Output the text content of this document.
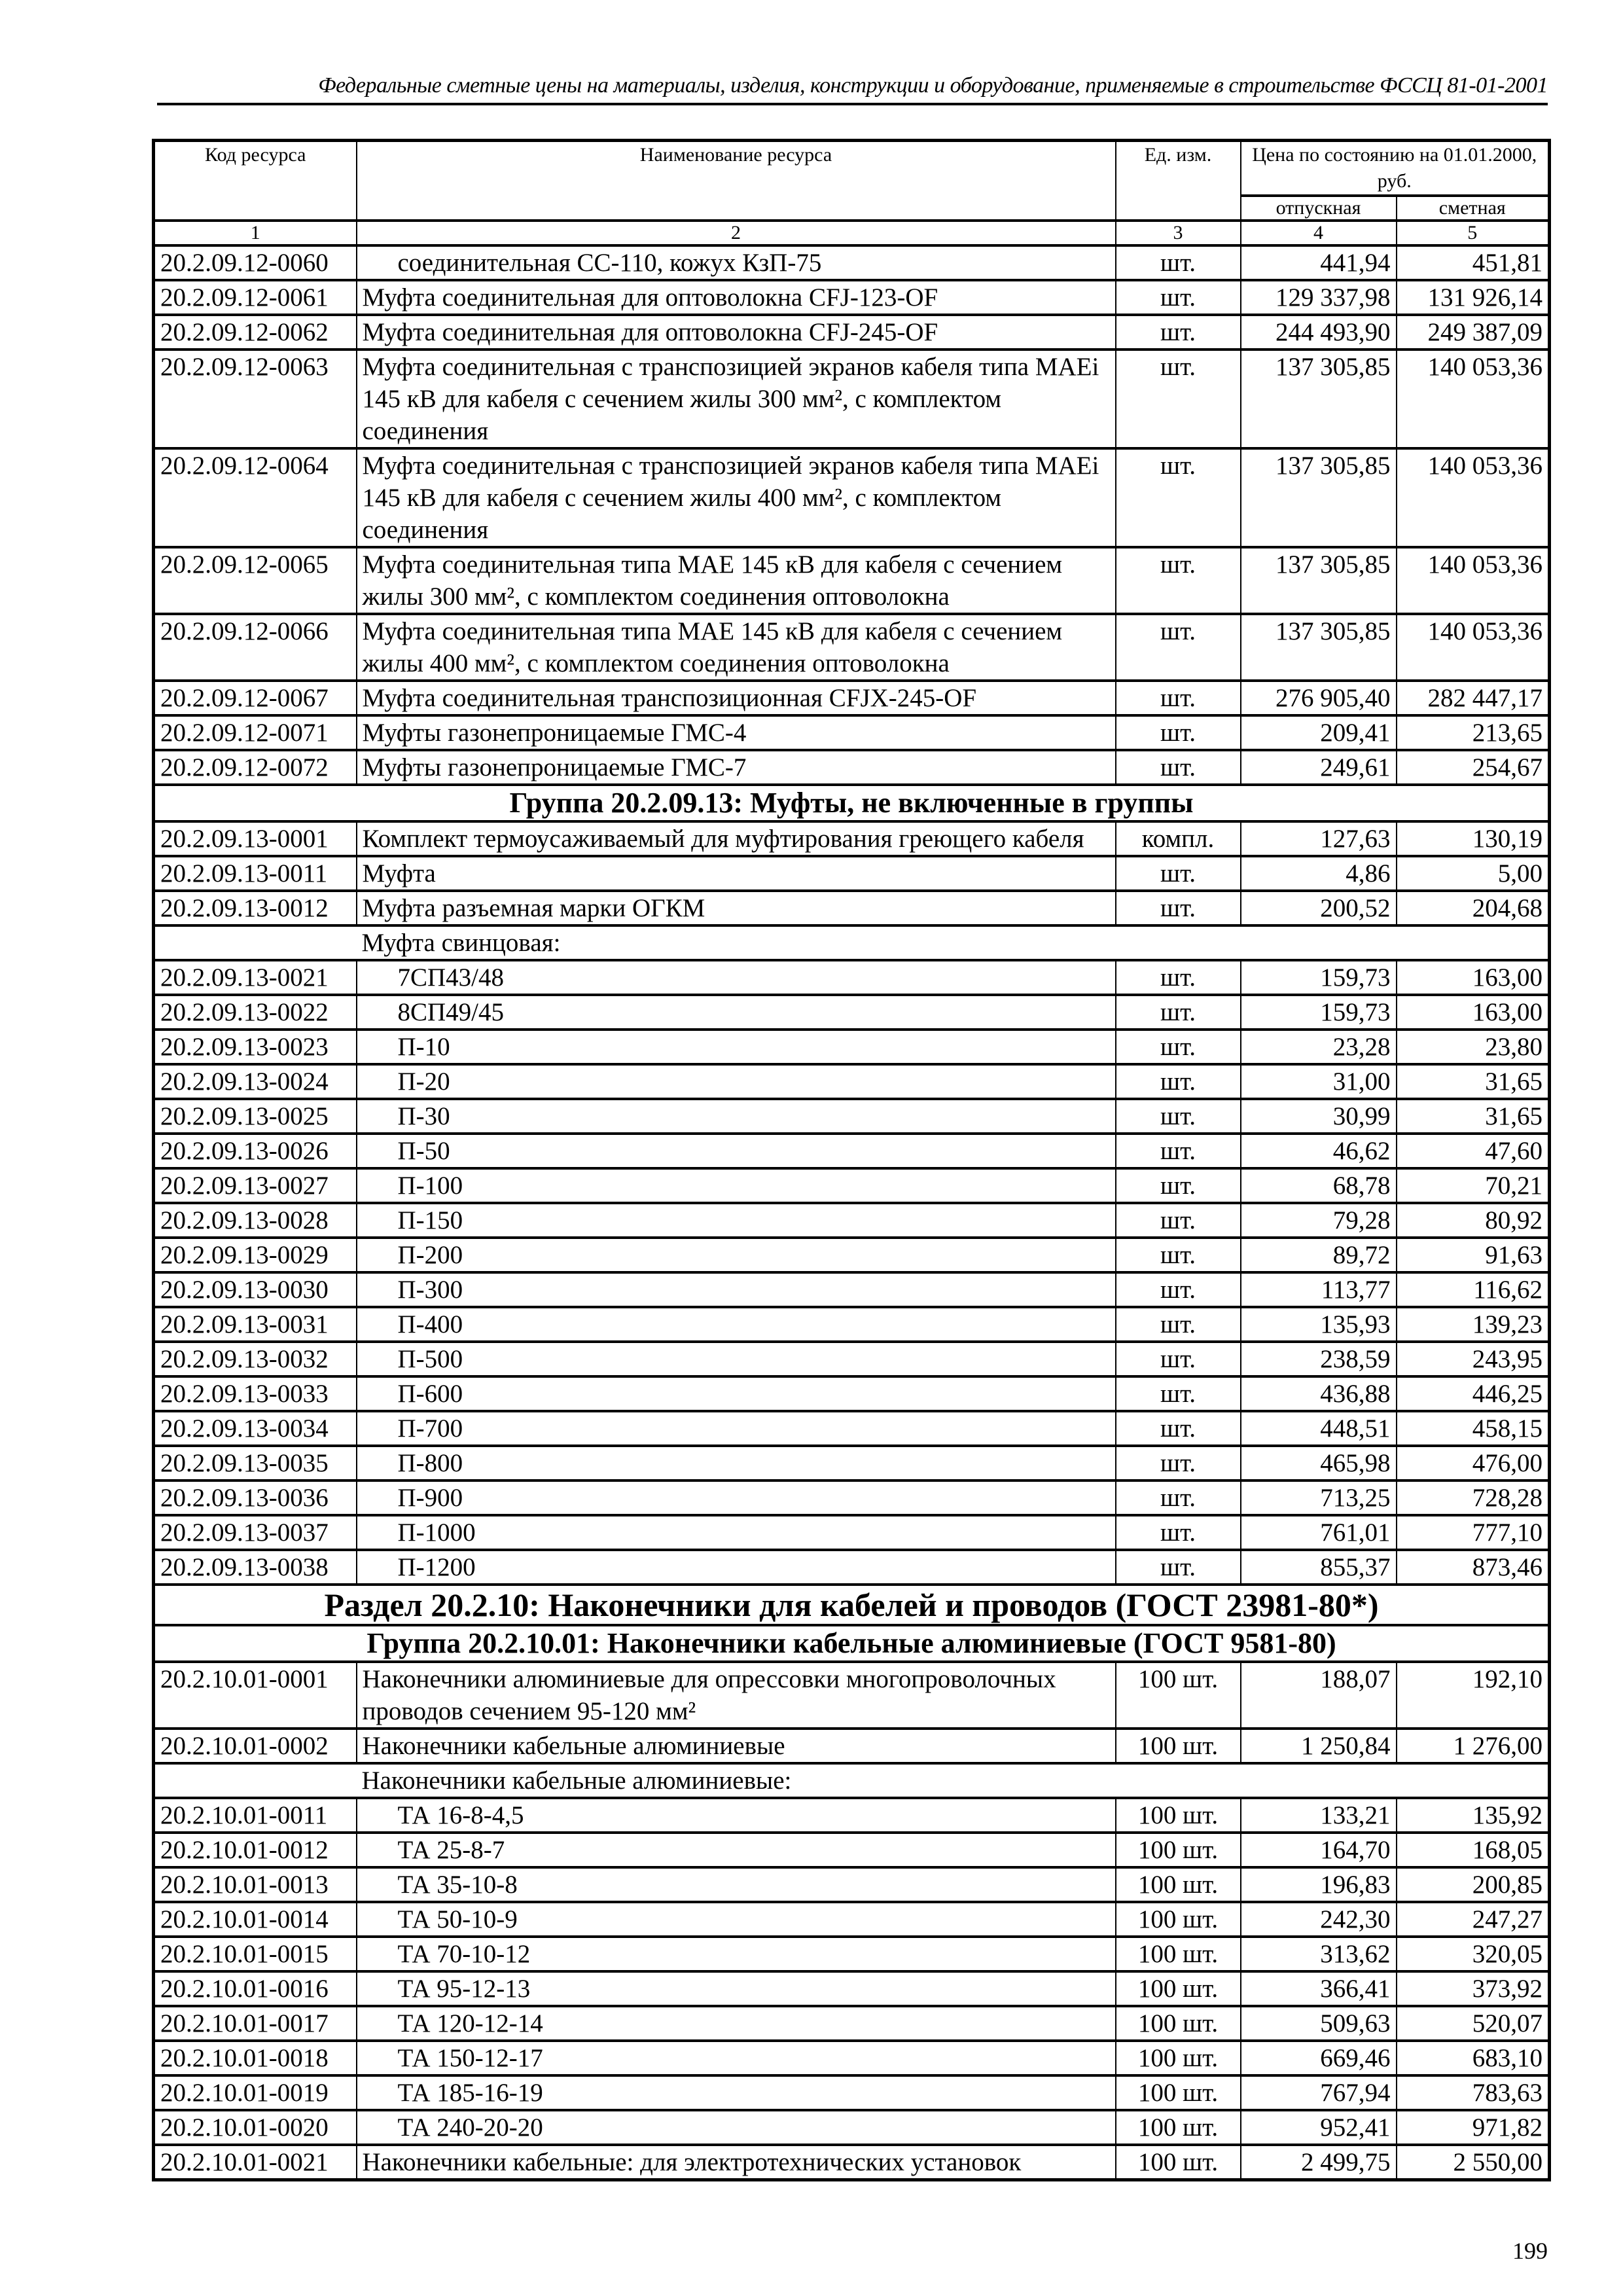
Федеральные сметные цены на материалы, изделия, конструкции и оборудование, применяемые в строительстве ФССЦ 81-01-2001
Код ресурса	Наименование ресурса	Ед. изм.	Цена по состоянию на 01.01.2000, руб.	
			отпускная	сметная
1	2	3	4	5
20.2.09.12-0060	соединительная СС-110, кожух КзП-75	шт.	441,94	451,81
20.2.09.12-0061	Муфта соединительная для оптоволокна CFJ-123-OF	шт.	129 337,98	131 926,14
20.2.09.12-0062	Муфта соединительная для оптоволокна CFJ-245-OF	шт.	244 493,90	249 387,09
20.2.09.12-0063	Муфта соединительная с транспозицией экранов кабеля типа MAEi 145 кВ для кабеля с сечением жилы 300 мм², с комплектом соединения	шт.	137 305,85	140 053,36
20.2.09.12-0064	Муфта соединительная с транспозицией экранов кабеля типа MAEi 145 кВ для кабеля с сечением жилы 400 мм², с комплектом соединения	шт.	137 305,85	140 053,36
20.2.09.12-0065	Муфта соединительная типа МАЕ 145 кВ для кабеля с сечением жилы 300 мм², с комплектом соединения оптоволокна	шт.	137 305,85	140 053,36
20.2.09.12-0066	Муфта соединительная типа МАЕ 145 кВ для кабеля с сечением жилы 400 мм², с комплектом соединения оптоволокна	шт.	137 305,85	140 053,36
20.2.09.12-0067	Муфта соединительная транспозиционная CFJX-245-OF	шт.	276 905,40	282 447,17
20.2.09.12-0071	Муфты газонепроницаемые ГМС-4	шт.	209,41	213,65
20.2.09.12-0072	Муфты газонепроницаемые ГМС-7	шт.	249,61	254,67
Группа 20.2.09.13: Муфты, не включенные в группы				
20.2.09.13-0001	Комплект термоусаживаемый для муфтирования греющего кабеля	компл.	127,63	130,19
20.2.09.13-0011	Муфта	шт.	4,86	5,00
20.2.09.13-0012	Муфта разъемная марки ОГКМ	шт.	200,52	204,68
	Муфта свинцовая:			
20.2.09.13-0021	7СП43/48	шт.	159,73	163,00
20.2.09.13-0022	8СП49/45	шт.	159,73	163,00
20.2.09.13-0023	П-10	шт.	23,28	23,80
20.2.09.13-0024	П-20	шт.	31,00	31,65
20.2.09.13-0025	П-30	шт.	30,99	31,65
20.2.09.13-0026	П-50	шт.	46,62	47,60
20.2.09.13-0027	П-100	шт.	68,78	70,21
20.2.09.13-0028	П-150	шт.	79,28	80,92
20.2.09.13-0029	П-200	шт.	89,72	91,63
20.2.09.13-0030	П-300	шт.	113,77	116,62
20.2.09.13-0031	П-400	шт.	135,93	139,23
20.2.09.13-0032	П-500	шт.	238,59	243,95
20.2.09.13-0033	П-600	шт.	436,88	446,25
20.2.09.13-0034	П-700	шт.	448,51	458,15
20.2.09.13-0035	П-800	шт.	465,98	476,00
20.2.09.13-0036	П-900	шт.	713,25	728,28
20.2.09.13-0037	П-1000	шт.	761,01	777,10
20.2.09.13-0038	П-1200	шт.	855,37	873,46
Раздел 20.2.10: Наконечники для кабелей и проводов (ГОСТ 23981-80*)				
Группа 20.2.10.01: Наконечники кабельные алюминиевые (ГОСТ 9581-80)				
20.2.10.01-0001	Наконечники алюминиевые для опрессовки многопроволочных проводов сечением 95-120 мм²	100 шт.	188,07	192,10
20.2.10.01-0002	Наконечники кабельные алюминиевые	100 шт.	1 250,84	1 276,00
	Наконечники кабельные алюминиевые:			
20.2.10.01-0011	ТА 16-8-4,5	100 шт.	133,21	135,92
20.2.10.01-0012	ТА 25-8-7	100 шт.	164,70	168,05
20.2.10.01-0013	ТА 35-10-8	100 шт.	196,83	200,85
20.2.10.01-0014	ТА 50-10-9	100 шт.	242,30	247,27
20.2.10.01-0015	ТА 70-10-12	100 шт.	313,62	320,05
20.2.10.01-0016	ТА 95-12-13	100 шт.	366,41	373,92
20.2.10.01-0017	ТА 120-12-14	100 шт.	509,63	520,07
20.2.10.01-0018	ТА 150-12-17	100 шт.	669,46	683,10
20.2.10.01-0019	ТА 185-16-19	100 шт.	767,94	783,63
20.2.10.01-0020	ТА 240-20-20	100 шт.	952,41	971,82
20.2.10.01-0021	Наконечники кабельные: для электротехнических установок	100 шт.	2 499,75	2 550,00
199
